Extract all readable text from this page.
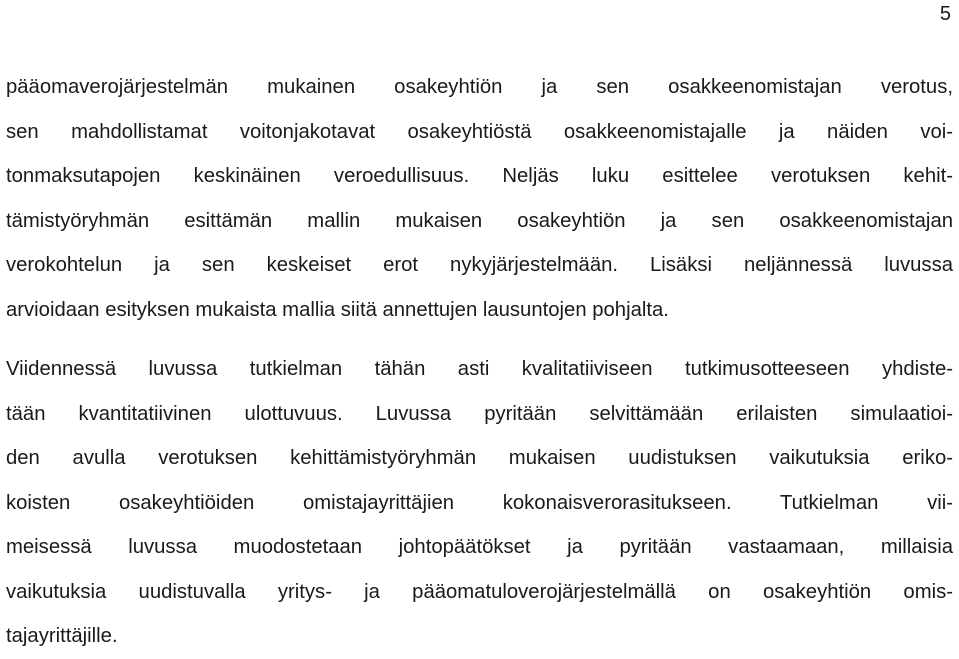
5
pääomaverojärjestelmän mukainen osakeyhtiön ja sen osakkeenomistajan verotus,
sen mahdollistamat voitonjakotavat osakeyhtiöstä osakkeenomistajalle ja näiden voi-
tonmaksutapojen keskinäinen veroedullisuus. Neljäs luku esittelee verotuksen kehit-
tämistyöryhmän esittämän mallin mukaisen osakeyhtiön ja sen osakkeenomistajan
verokohtelun ja sen keskeiset erot nykyjärjestelmään. Lisäksi neljännessä luvussa
arvioidaan esityksen mukaista mallia siitä annettujen lausuntojen pohjalta.
Viidennessä luvussa tutkielman tähän asti kvalitatiiviseen tutkimusotteeseen yhdiste-
tään kvantitatiivinen ulottuvuus. Luvussa pyritään selvittämään erilaisten simulaatioi-
den avulla verotuksen kehittämistyöryhmän mukaisen uudistuksen vaikutuksia eriko-
koisten osakeyhtiöiden omistajayrittäjien kokonaisverorasitukseen. Tutkielman vii-
meisessä luvussa muodostetaan johtopäätökset ja pyritään vastaamaan, millaisia
vaikutuksia uudistuvalla yritys- ja pääomatuloverojärjestelmällä on osakeyhtiön omis-
tajayrittäjille.
